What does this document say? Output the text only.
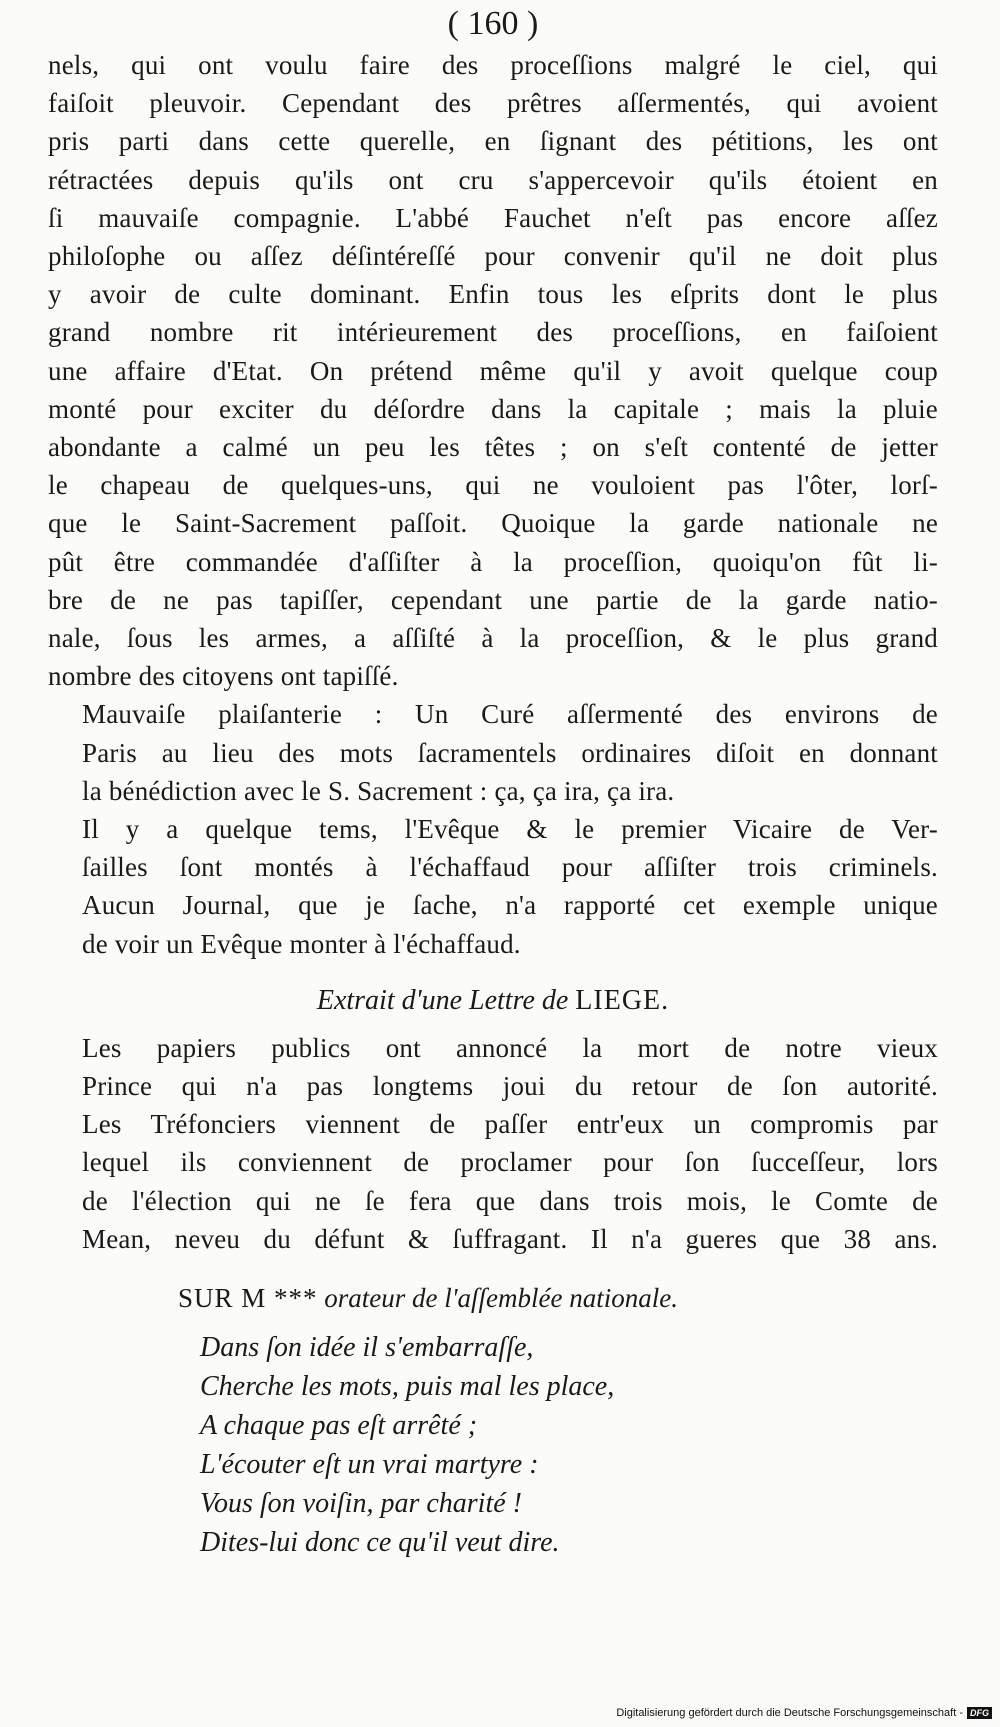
( 160 )
nels, qui ont voulu faire des proceſſions malgré le ciel, qui
faiſoit pleuvoir. Cependant des prêtres aſſermentés, qui avoient
pris parti dans cette querelle, en ſignant des pétitions, les ont
rétractées depuis qu'ils ont cru s'appercevoir qu'ils étoient en
ſi mauvaiſe compagnie. L'abbé Fauchet n'eſt pas encore aſſez
philoſophe ou aſſez déſintéreſſé pour convenir qu'il ne doit plus
y avoir de culte dominant. Enfin tous les eſprits dont le plus
grand nombre rit intérieurement des proceſſions, en faiſoient
une affaire d'Etat. On prétend même qu'il y avoit quelque coup
monté pour exciter du déſordre dans la capitale ; mais la pluie
abondante a calmé un peu les têtes ; on s'eſt contenté de jetter
le chapeau de quelques-uns, qui ne vouloient pas l'ôter, lorſ-
que le Saint-Sacrement paſſoit. Quoique la garde nationale ne
pût être commandée d'aſſiſter à la proceſſion, quoiqu'on fût li-
bre de ne pas tapiſſer, cependant une partie de la garde natio-
nale, ſous les armes, a aſſiſté à la proceſſion, & le plus grand
nombre des citoyens ont tapiſſé.
Mauvaiſe plaiſanterie : Un Curé aſſermenté des environs de
Paris au lieu des mots ſacramentels ordinaires diſoit en donnant
la bénédiction avec le S. Sacrement : ça, ça ira, ça ira.
Il y a quelque tems, l'Evêque & le premier Vicaire de Ver-
ſailles ſont montés à l'échaffaud pour aſſiſter trois criminels.
Aucun Journal, que je ſache, n'a rapporté cet exemple unique
de voir un Evêque monter à l'échaffaud.
Extrait d'une Lettre de LIEGE.
Les papiers publics ont annoncé la mort de notre vieux
Prince qui n'a pas longtems joui du retour de ſon autorité.
Les Tréfonciers viennent de paſſer entr'eux un compromis par
lequel ils conviennent de proclamer pour ſon ſucceſſeur, lors
de l'élection qui ne ſe fera que dans trois mois, le Comte de
Mean, neveu du défunt & ſuffragant. Il n'a gueres que 38 ans.
SUR M *** orateur de l'aſſemblée nationale.
Dans ſon idée il s'embarraſſe,
Cherche les mots, puis mal les place,
A chaque pas eſt arrêté ;
L'écouter eſt un vrai martyre :
Vous ſon voiſin, par charité !
Dites-lui donc ce qu'il veut dire.
Digitalisierung gefördert durch die Deutsche Forschungsgemeinschaft - DFG
